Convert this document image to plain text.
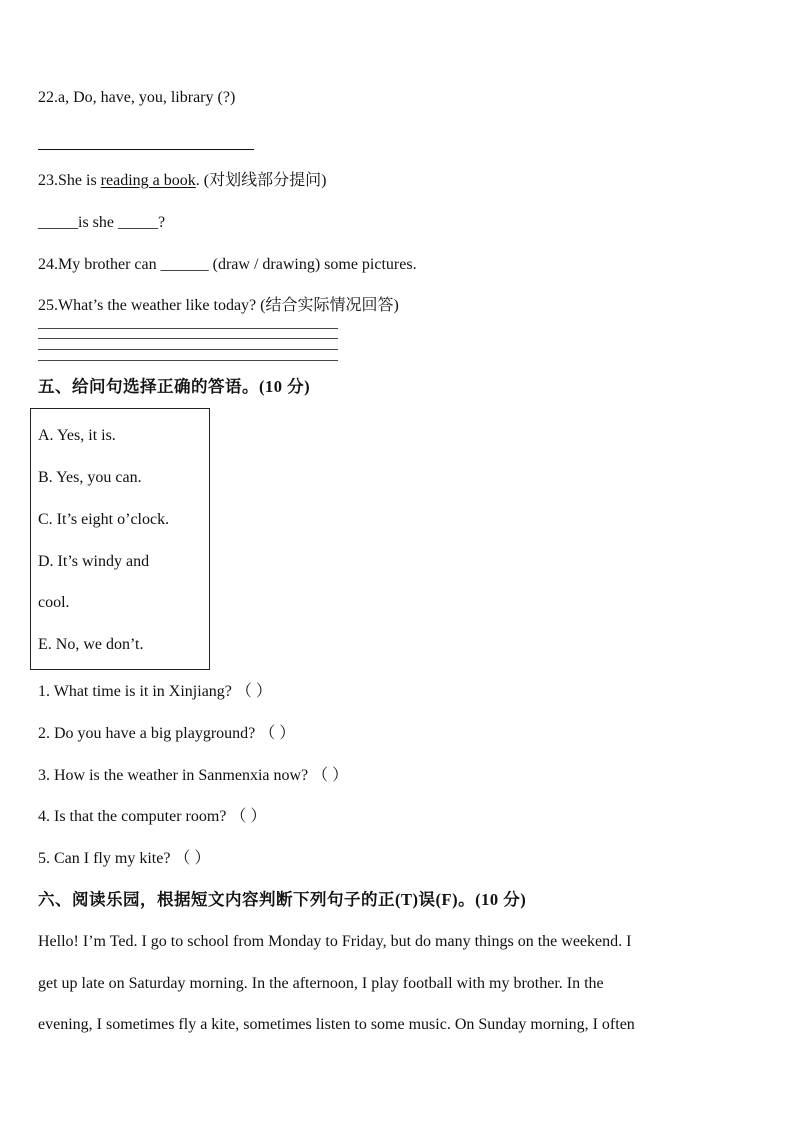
22.a, Do, have, you, library (?)
23.She is reading a book. (对划线部分提问)
_____is she _____?
24.My brother can ______ (draw / drawing) some pictures.
25.What’s the weather like today? (结合实际情况回答)
五、给问句选择正确的答语。(10 分)
A. Yes, it is.
B. Yes, you can.
C. It’s eight o’clock.
D. It’s windy and
cool.
E. No, we don’t.
1. What time is it in Xinjiang? （ ）
2. Do you have a big playground? （ ）
3. How is the weather in Sanmenxia now? （ ）
4. Is that the computer room? （ ）
5. Can I fly my kite? （ ）
六、阅读乐园，根据短文内容判断下列句子的正(T)误(F)。(10 分)
Hello! I’m Ted. I go to school from Monday to Friday, but do many things on the weekend. I
get up late on Saturday morning. In the afternoon, I play football with my brother. In the
evening, I sometimes fly a kite, sometimes listen to some music. On Sunday morning, I often
